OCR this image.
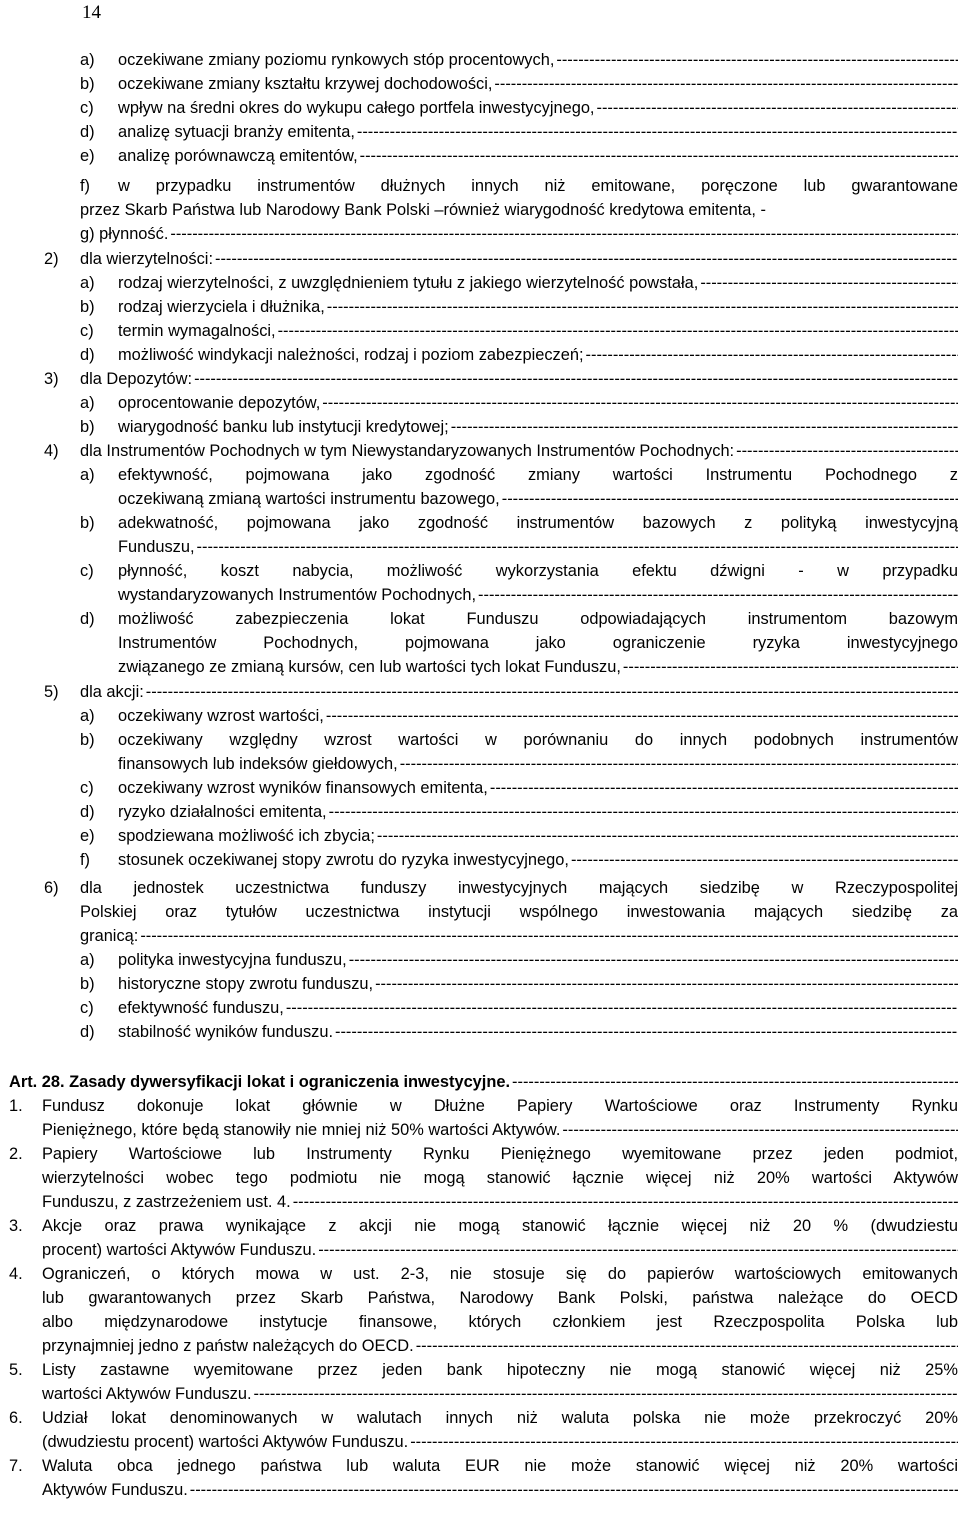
14
a) oczekiwane zmiany poziomu rynkowych stóp procentowych,
-----
b) oczekiwane zmiany kształtu krzywej dochodowości,
-----
c) wpływ na średni okres do wykupu całego portfela inwestycyjnego,
-----
d) analizę sytuacji branży emitenta,
-----
e) analizę porównawczą emitentów,
-----
f) w przypadku instrumentów dłużnych innych niż emitowane, poręczone lub gwarantowane
przez Skarb Państwa lub Narodowy Bank Polski –również wiarygodność kredytowa emitenta, -
g) płynność.
-----
2) dla wierzytelności:
-----
a) rodzaj wierzytelności, z uwzględnieniem tytułu z jakiego wierzytelność powstała,
-----
b) rodzaj wierzyciela i dłużnika,
-----
c) termin wymagalności,
-----
d) możliwość windykacji należności, rodzaj i poziom zabezpieczeń;
-----
3) dla Depozytów:
-----
a) oprocentowanie depozytów,
-----
b) wiarygodność banku lub instytucji kredytowej;
-----
4) dla Instrumentów Pochodnych w tym Niewystandaryzowanych Instrumentów Pochodnych:
-----
a) efektywność, pojmowana jako zgodność zmiany wartości Instrumentu Pochodnego z
oczekiwaną zmianą wartości instrumentu bazowego,
-----
b) adekwatność, pojmowana jako zgodność instrumentów bazowych z polityką inwestycyjną
Funduszu,
-----
c) płynność, koszt nabycia, możliwość wykorzystania efektu dźwigni - w przypadku
wystandaryzowanych Instrumentów Pochodnych,
-----
d) możliwość zabezpieczenia lokat Funduszu odpowiadających instrumentom bazowym
Instrumentów Pochodnych, pojmowana jako ograniczenie ryzyka inwestycyjnego
związanego ze zmianą kursów, cen lub wartości tych lokat Funduszu,
-----
5) dla akcji:
-----
a) oczekiwany wzrost wartości,
-----
b) oczekiwany względny wzrost wartości w porównaniu do innych podobnych instrumentów
finansowych lub indeksów giełdowych,
-----
c) oczekiwany wzrost wyników finansowych emitenta,
-----
d) ryzyko działalności emitenta,
-----
e) spodziewana możliwość ich zbycia;
-----
f) stosunek oczekiwanej stopy zwrotu do ryzyka inwestycyjnego,
-----
6) dla jednostek uczestnictwa funduszy inwestycyjnych mających siedzibę w Rzeczypospolitej
Polskiej oraz tytułów uczestnictwa instytucji wspólnego inwestowania mających siedzibę za
granicą:
-----
a) polityka inwestycyjna funduszu,
-----
b) historyczne stopy zwrotu funduszu,
-----
c) efektywność funduszu,
-----
d) stabilność wyników funduszu.
-----
Art. 28. Zasady dywersyfikacji lokat i ograniczenia inwestycyjne.
-----
1. Fundusz dokonuje lokat głównie w Dłużne Papiery Wartościowe oraz Instrumenty Rynku
Pieniężnego, które będą stanowiły nie mniej niż 50% wartości Aktywów.
-----
2. Papiery Wartościowe lub Instrumenty Rynku Pieniężnego wyemitowane przez jeden podmiot,
wierzytelności wobec tego podmiotu nie mogą stanowić łącznie więcej niż 20% wartości Aktywów
Funduszu, z zastrzeżeniem ust. 4.
-----
3. Akcje oraz prawa wynikające z akcji nie mogą stanowić łącznie więcej niż 20 % (dwudziestu
procent) wartości Aktywów Funduszu.
-----
4. Ograniczeń, o których mowa w ust. 2-3, nie stosuje się do papierów wartościowych emitowanych
lub gwarantowanych przez Skarb Państwa, Narodowy Bank Polski, państwa należące do OECD
albo międzynarodowe instytucje finansowe, których członkiem jest Rzeczpospolita Polska lub
przynajmniej jedno z państw należących do OECD.
-----
5. Listy zastawne wyemitowane przez jeden bank hipoteczny nie mogą stanowić więcej niż 25%
wartości Aktywów Funduszu.
-----
6. Udział lokat denominowanych w walutach innych niż waluta polska nie może przekroczyć 20%
(dwudziestu procent) wartości Aktywów Funduszu.
-----
7. Waluta obca jednego państwa lub waluta EUR nie może stanowić więcej niż 20% wartości
Aktywów Funduszu.
-----
